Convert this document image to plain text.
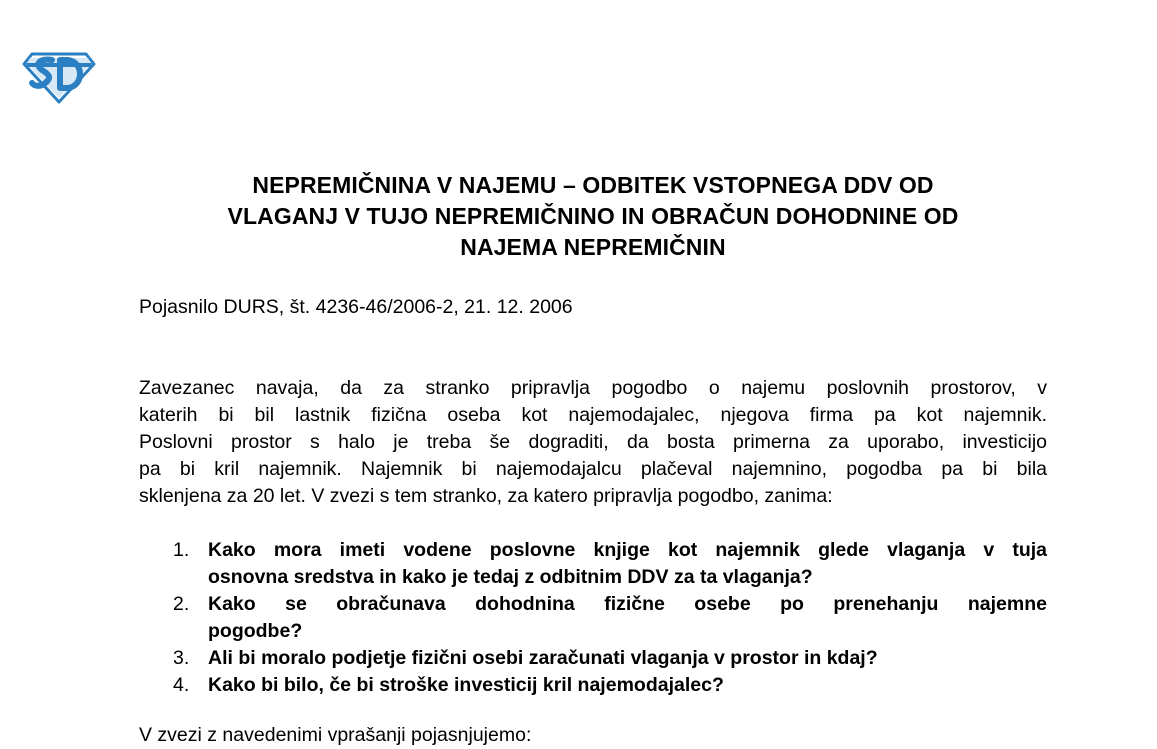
NEPREMIČNINA V NAJEMU – ODBITEK VSTOPNEGA DDV OD
VLAGANJ V TUJO NEPREMIČNINO IN OBRAČUN DOHODNINE OD
NAJEMA NEPREMIČNIN

Pojasnilo DURS, št. 4236-46/2006-2, 21. 12. 2006

Zavezanec navaja, da za stranko pripravlja pogodbo o najemu poslovnih prostorov, v
katerih bi bil lastnik fizična oseba kot najemodajalec, njegova firma pa kot najemnik.
Poslovni prostor s halo je treba še dograditi, da bosta primerna za uporabo, investicijo
pa bi kril najemnik. Najemnik bi najemodajalcu plačeval najemnino, pogodba pa bi bila
sklenjena za 20 let. V zvezi s tem stranko, za katero pripravlja pogodbo, zanima:

1. Kako mora imeti vodene poslovne knjige kot najemnik glede vlaganja v tuja
osnovna sredstva in kako je tedaj z odbitnim DDV za ta vlaganja?
2. Kako se obračunava dohodnina fizične osebe po prenehanju najemne
pogodbe?
3. Ali bi moralo podjetje fizični osebi zaračunati vlaganja v prostor in kdaj?
4. Kako bi bilo, če bi stroške investicij kril najemodajalec?

V zvezi z navedenimi vprašanji pojasnjujemo:
